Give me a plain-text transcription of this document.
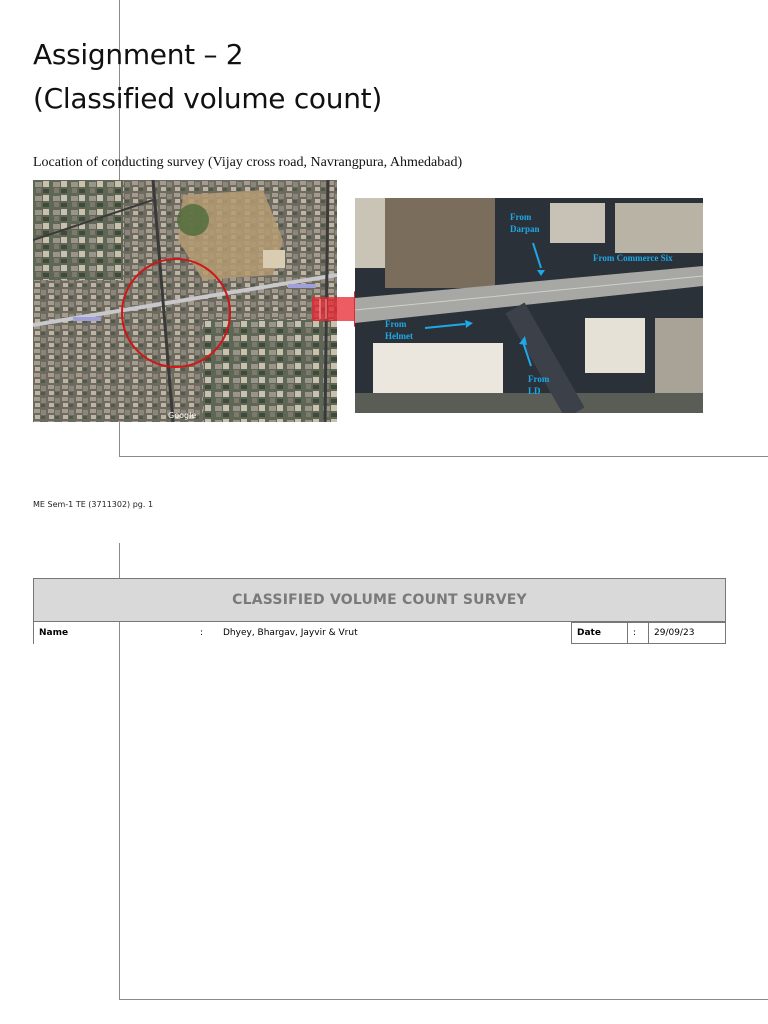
Assignment – 2
(Classified volume count)

Location of conducting survey (Vijay cross road, Navrangpura, Ahmedabad)

Google
From
Darpan
From Commerce Six
From
Helmet
From
LD
ME Sem-1 TE (3711302) pg. 1
CLASSIFIED VOLUME COUNT SURVEY
Name	:	Dhyey, Bhargav, Jayvir & Vrut	Date	:	29/09/23
